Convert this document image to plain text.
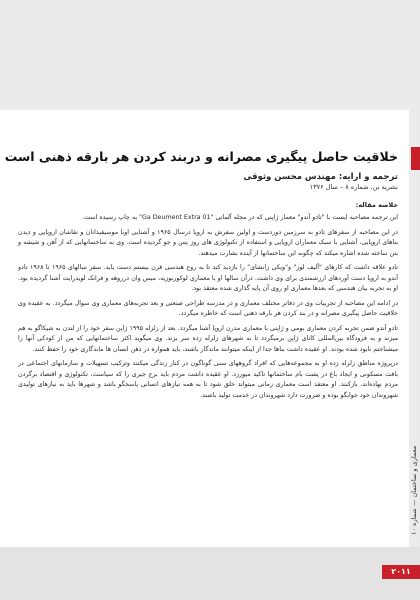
خلاقیت حاصل پیگیری مصرانه و دربند کردن هر بارقه ذهنی است

ترجمه و ارایه: مهندس محسن وثوقی

نشریه بن، شماره ۸ – سال ۱۳۷۶

خلاصه مقاله:

این ترجمه مصاحبه ایست با "تادو آندو" معمار ژاپنی که در مجله آلمانی "Ga Deument Extra 01" به چاپ رسیده است.

در این مصاحبه از سفرهای تادو به سرزمین دوردست و اولین سفرش به اروپا درسال ۱۹۶۵ و آشنایی اوبا موسیقیدانان و نقاشان اروپایی و دیدن بناهای اروپایی، آشنایی با سبک معماران اروپایی و استفاده از تکنولوژی های روز پس و جو گردیده است. وی به ساختمانهایی که از آهن و شیشه و بتن ساخته شده اشاره میکند که چگونه این ساختمانها از آینده بشارت میدهند.

تادو علاقه داشت که کارهای "آلیف لوز" و"ویکی زانشای" را بازدید کند تا به روح هندسی قرن بیستم دست یابد. سفر سالهای ۱۹۶۵ تا ۱۹۶۸ تادو آندو به اروپا دست آوردهای ارزشمندی برای وی داشت. درآن سالها او با معماری لوکوربوزیه، میس وان درروهه و فرانک لویدرایت آشنا گردیده بود. او به تجربه بیان هندسی که بعدها معماری او روی آن پایه گذاری شده معتقد بود.

در ادامه این مصاحبه از تجربیات وی در دفاتر مختلف معماری و در مدرسه طراحی صنعتی و بعد تجربه‌های معماری وی سوال میگردد. به عقیده وی خلاقیت حاصل پیگیری مصرانه و در بند کردن هر بارقه ذهنی است که خاطره میگردد.

تادو آندو ضمن تجربه کردن معماری بومی و ژاپنی با معماری مدرن اروپا آشنا میگردد. بعد از زلزله ۱۹۹۵ ژاپن سفر خود را از لندن به شیکاگو به هم میزند و به فرودگاه بین‌المللی کانای ژاپن برمیگردد تا به شهرهای زلزله زده سر بزند. وی میگوید اکثر ساختمانهایی که من از کودکی آنها را میشناختم نابود شده بودند. او عقیده داشت بناها جدا از اینکه میتوانند ماندگار باشند، باید همواره در ذهن انسان ها ماندگاری خود را حفظ کنند.

درپروژه مناطق زلزله زده او به مجموعه‌هایی که افراد گروههای سنی گوناگون در کنار زندگی میکنند وترکیب تسهیلات و سازمانهای اجتماعی در بافت مسکونی و ایجاد باغ در پشت بام ساختمانها تاکید میورزد. او عقیده داشت مردم باید برج جیری را که سیاست، تکنولوژی و اقتصاد برگردن مردم نهاده‌اند، بازکنند. او معتقد است معماری زمانی میتواند خلق شود تا به همه نیازهای انسانی پاسخگو باشد و شهرها باید به نیازهای تولیدی شهروندان خود جوابگو بوده و ضرورت دارد شهروندان در خدمت تولید باشند.

معماری و ساختمان — شماره ۱۰
۲۰۱۱
